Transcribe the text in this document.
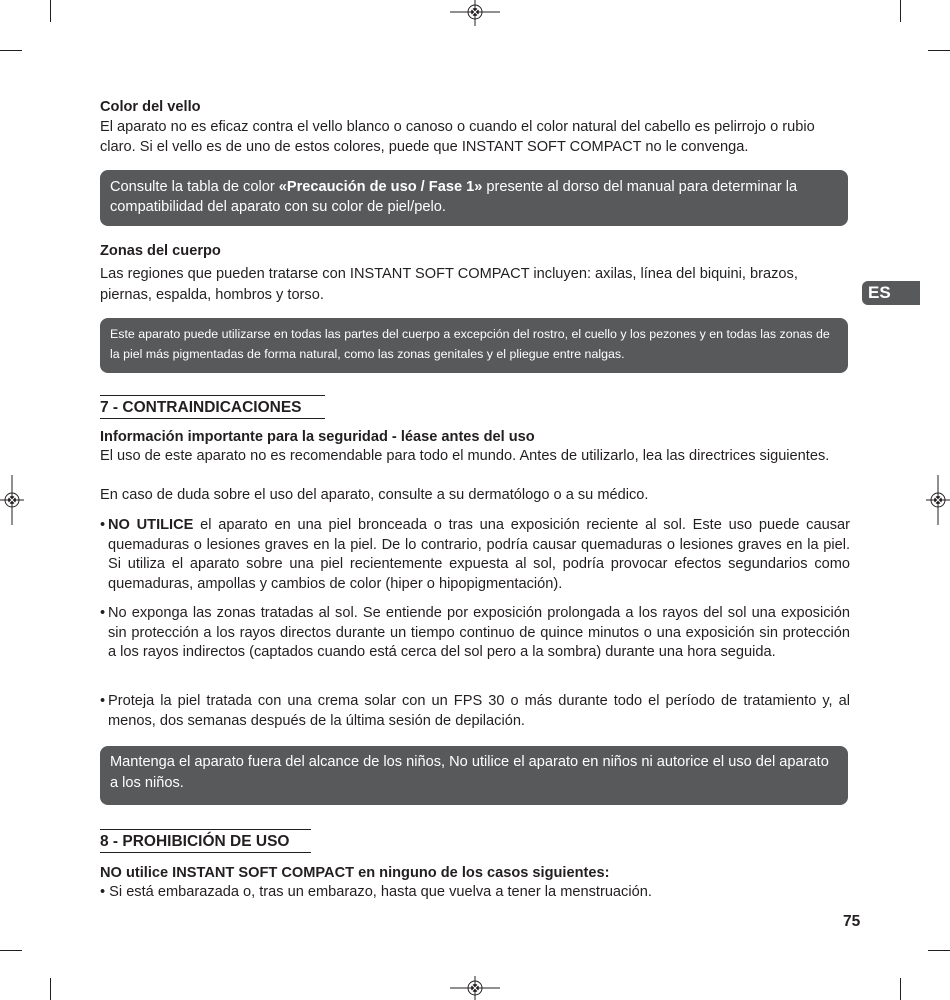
Color del vello
El aparato no es eficaz contra el vello blanco o canoso o cuando el color natural del cabello es pelirrojo o rubio claro. Si el vello es de uno de estos colores, puede que INSTANT SOFT COMPACT no le convenga.
Consulte la tabla de color «Precaución de uso / Fase 1» presente al dorso del manual para determinar la compatibilidad del aparato con su color de piel/pelo.
Zonas del cuerpo
Las regiones que pueden tratarse con INSTANT SOFT COMPACT incluyen: axilas, línea del biquini, brazos, piernas, espalda, hombros y torso.
Este aparato puede utilizarse en todas las partes del cuerpo a excepción del rostro, el cuello y los pezones y en todas las zonas de la piel más pigmentadas de forma natural, como las zonas genitales y el pliegue entre nalgas.
7 - CONTRAINDICACIONES
Información importante para la seguridad - léase antes del uso
El uso de este aparato no es recomendable para todo el mundo. Antes de utilizarlo, lea las directrices siguientes.
En caso de duda sobre el uso del aparato, consulte a su dermatólogo o a su médico.
• NO UTILICE el aparato en una piel bronceada o tras una exposición reciente al sol. Este uso puede causar quemaduras o lesiones graves en la piel. De lo contrario, podría causar quemaduras o lesiones graves en la piel. Si utiliza el aparato sobre una piel recientemente expuesta al sol, podría provocar efectos segundarios como quemaduras, ampollas y cambios de color (hiper o hipopigmentación).
• No exponga las zonas tratadas al sol. Se entiende por exposición prolongada a los rayos del sol una exposición sin protección a los rayos directos durante un tiempo continuo de quince minutos o una exposición sin protección a los rayos indirectos (captados cuando está cerca del sol pero a la sombra) durante una hora seguida.
• Proteja la piel tratada con una crema solar con un FPS 30 o más durante todo el período de tratamiento y, al menos, dos semanas después de la última sesión de depilación.
Mantenga el aparato fuera del alcance de los niños, No utilice el aparato en niños ni autorice el uso del aparato a los niños.
8 - PROHIBICIÓN DE USO
NO utilice INSTANT SOFT COMPACT en ninguno de los casos siguientes:
• Si está embarazada o, tras un embarazo, hasta que vuelva a tener la menstruación.
ES
75
